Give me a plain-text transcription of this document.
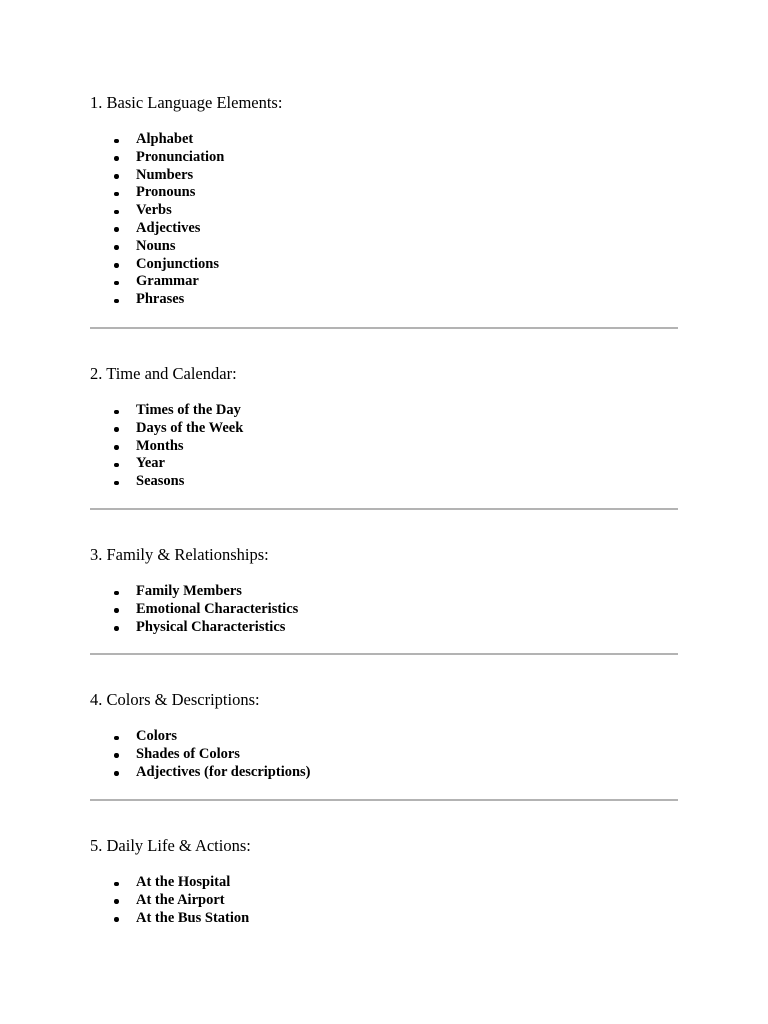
1. Basic Language Elements:
Alphabet
Pronunciation
Numbers
Pronouns
Verbs
Adjectives
Nouns
Conjunctions
Grammar
Phrases
2. Time and Calendar:
Times of the Day
Days of the Week
Months
Year
Seasons
3. Family & Relationships:
Family Members
Emotional Characteristics
Physical Characteristics
4. Colors & Descriptions:
Colors
Shades of Colors
Adjectives (for descriptions)
5. Daily Life & Actions:
At the Hospital
At the Airport
At the Bus Station
